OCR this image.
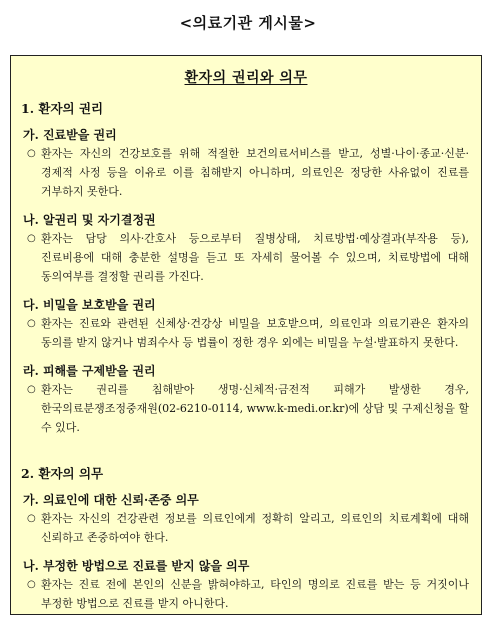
<의료기관 게시물>
환자의 권리와 의무
1. 환자의 권리
가. 진료받을 권리
○ 환자는 자신의 건강보호를 위해 적절한 보건의료서비스를 받고, 성별·나이·종교·신분·경제적 사정 등을 이유로 이를 침해받지 아니하며, 의료인은 정당한 사유없이 진료를 거부하지 못한다.
나. 알권리 및 자기결정권
○ 환자는 담당 의사·간호사 등으로부터 질병상태, 치료방법·예상결과(부작용 등), 진료비용에 대해 충분한 설명을 듣고 또 자세히 물어볼 수 있으며, 치료방법에 대해 동의여부를 결정할 권리를 가진다.
다. 비밀을 보호받을 권리
○ 환자는 진료와 관련된 신체상·건강상 비밀을 보호받으며, 의료인과 의료기관은 환자의 동의를 받지 않거나 범죄수사 등 법률이 정한 경우 외에는 비밀을 누설·발표하지 못한다.
라. 피해를 구제받을 권리
○ 환자는 권리를 침해받아 생명·신체적·금전적 피해가 발생한 경우, 한국의료분쟁조정중재원(02-6210-0114, www.k-medi.or.kr)에 상담 및 구제신청을 할 수 있다.
2. 환자의 의무
가. 의료인에 대한 신뢰·존중 의무
○ 환자는 자신의 건강관련 정보를 의료인에게 정확히 알리고, 의료인의 치료계획에 대해 신뢰하고 존중하여야 한다.
나. 부정한 방법으로 진료를 받지 않을 의무
○ 환자는 진료 전에 본인의 신분을 밝혀야하고, 타인의 명의로 진료를 받는 등 거짓이나 부정한 방법으로 진료를 받지 아니한다.
